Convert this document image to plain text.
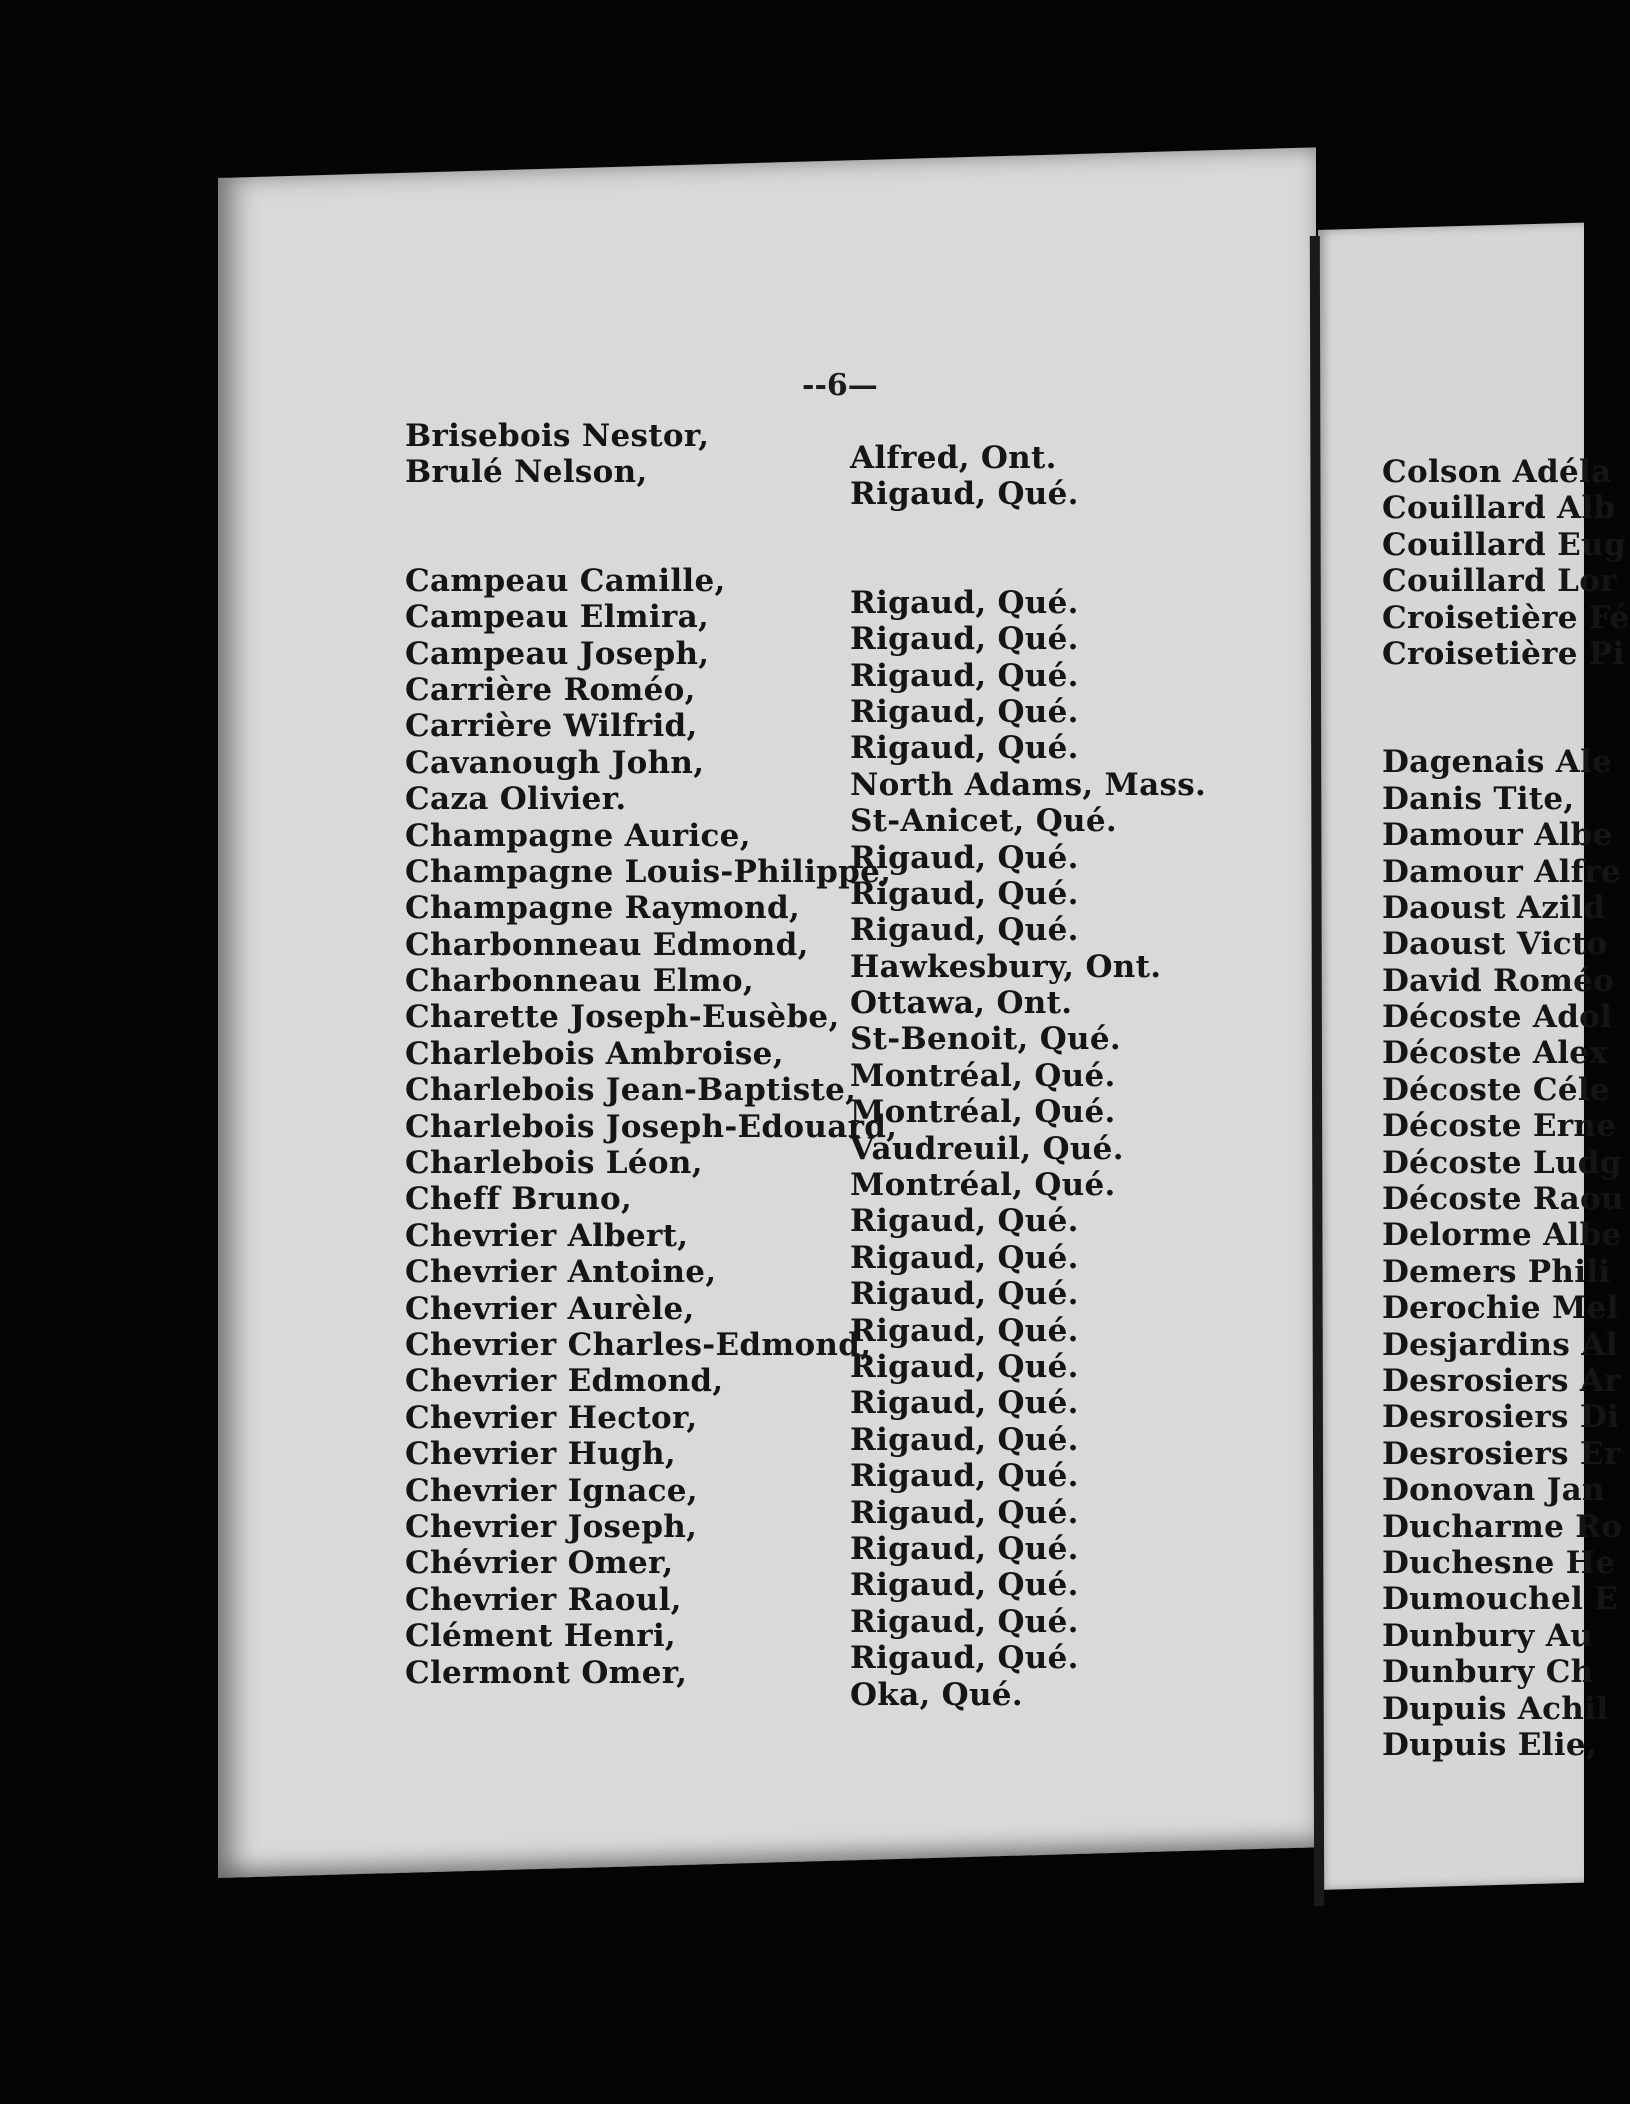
--6—
Brisebois Nestor,
Brulé Nelson,
Campeau Camille,
Campeau Elmira,
Campeau Joseph,
Carrière Roméo,
Carrière Wilfrid,
Cavanough John,
Caza Olivier.
Champagne Aurice,
Champagne Louis-Philippe,
Champagne Raymond,
Charbonneau Edmond,
Charbonneau Elmo,
Charette Joseph-Eusèbe,
Charlebois Ambroise,
Charlebois Jean-Baptiste,
Charlebois Joseph-Edouard,
Charlebois Léon,
Cheff Bruno,
Chevrier Albert,
Chevrier Antoine,
Chevrier Aurèle,
Chevrier Charles-Edmond,
Chevrier Edmond,
Chevrier Hector,
Chevrier Hugh,
Chevrier Ignace,
Chevrier Joseph,
Chévrier Omer,
Chevrier Raoul,
Clément Henri,
Clermont Omer,
Alfred, Ont.
Rigaud, Qué.
Rigaud, Qué.
Rigaud, Qué.
Rigaud, Qué.
Rigaud, Qué.
Rigaud, Qué.
North Adams, Mass.
St-Anicet, Qué.
Rigaud, Qué.
Rigaud, Qué.
Rigaud, Qué.
Hawkesbury, Ont.
Ottawa, Ont.
St-Benoit, Qué.
Montréal, Qué.
Montréal, Qué.
Vaudreuil, Qué.
Montréal, Qué.
Rigaud, Qué.
Rigaud, Qué.
Rigaud, Qué.
Rigaud, Qué.
Rigaud, Qué.
Rigaud, Qué.
Rigaud, Qué.
Rigaud, Qué.
Rigaud, Qué.
Rigaud, Qué.
Rigaud, Qué.
Rigaud, Qué.
Rigaud, Qué.
Oka, Qué.
Colson Adéla
Couillard Alb
Couillard Eug
Couillard Lor
Croisetière Fé
Croisetière Pi
Dagenais Ale
Danis Tite,
Damour Albe
Damour Alfre
Daoust Azild
Daoust Victo
David Roméo
Décoste Adol
Décoste Alex
Décoste Céle
Décoste Erne
Décoste Ludg
Décoste Raou
Delorme Albe
Demers Phili
Derochie Mel
Desjardins Al
Desrosiers Ar
Desrosiers Di
Desrosiers Er
Donovan Jan
Ducharme Ro
Duchesne He
Dumouchel E
Dunbury Au
Dunbury Ch
Dupuis Achil
Dupuis Elie,
